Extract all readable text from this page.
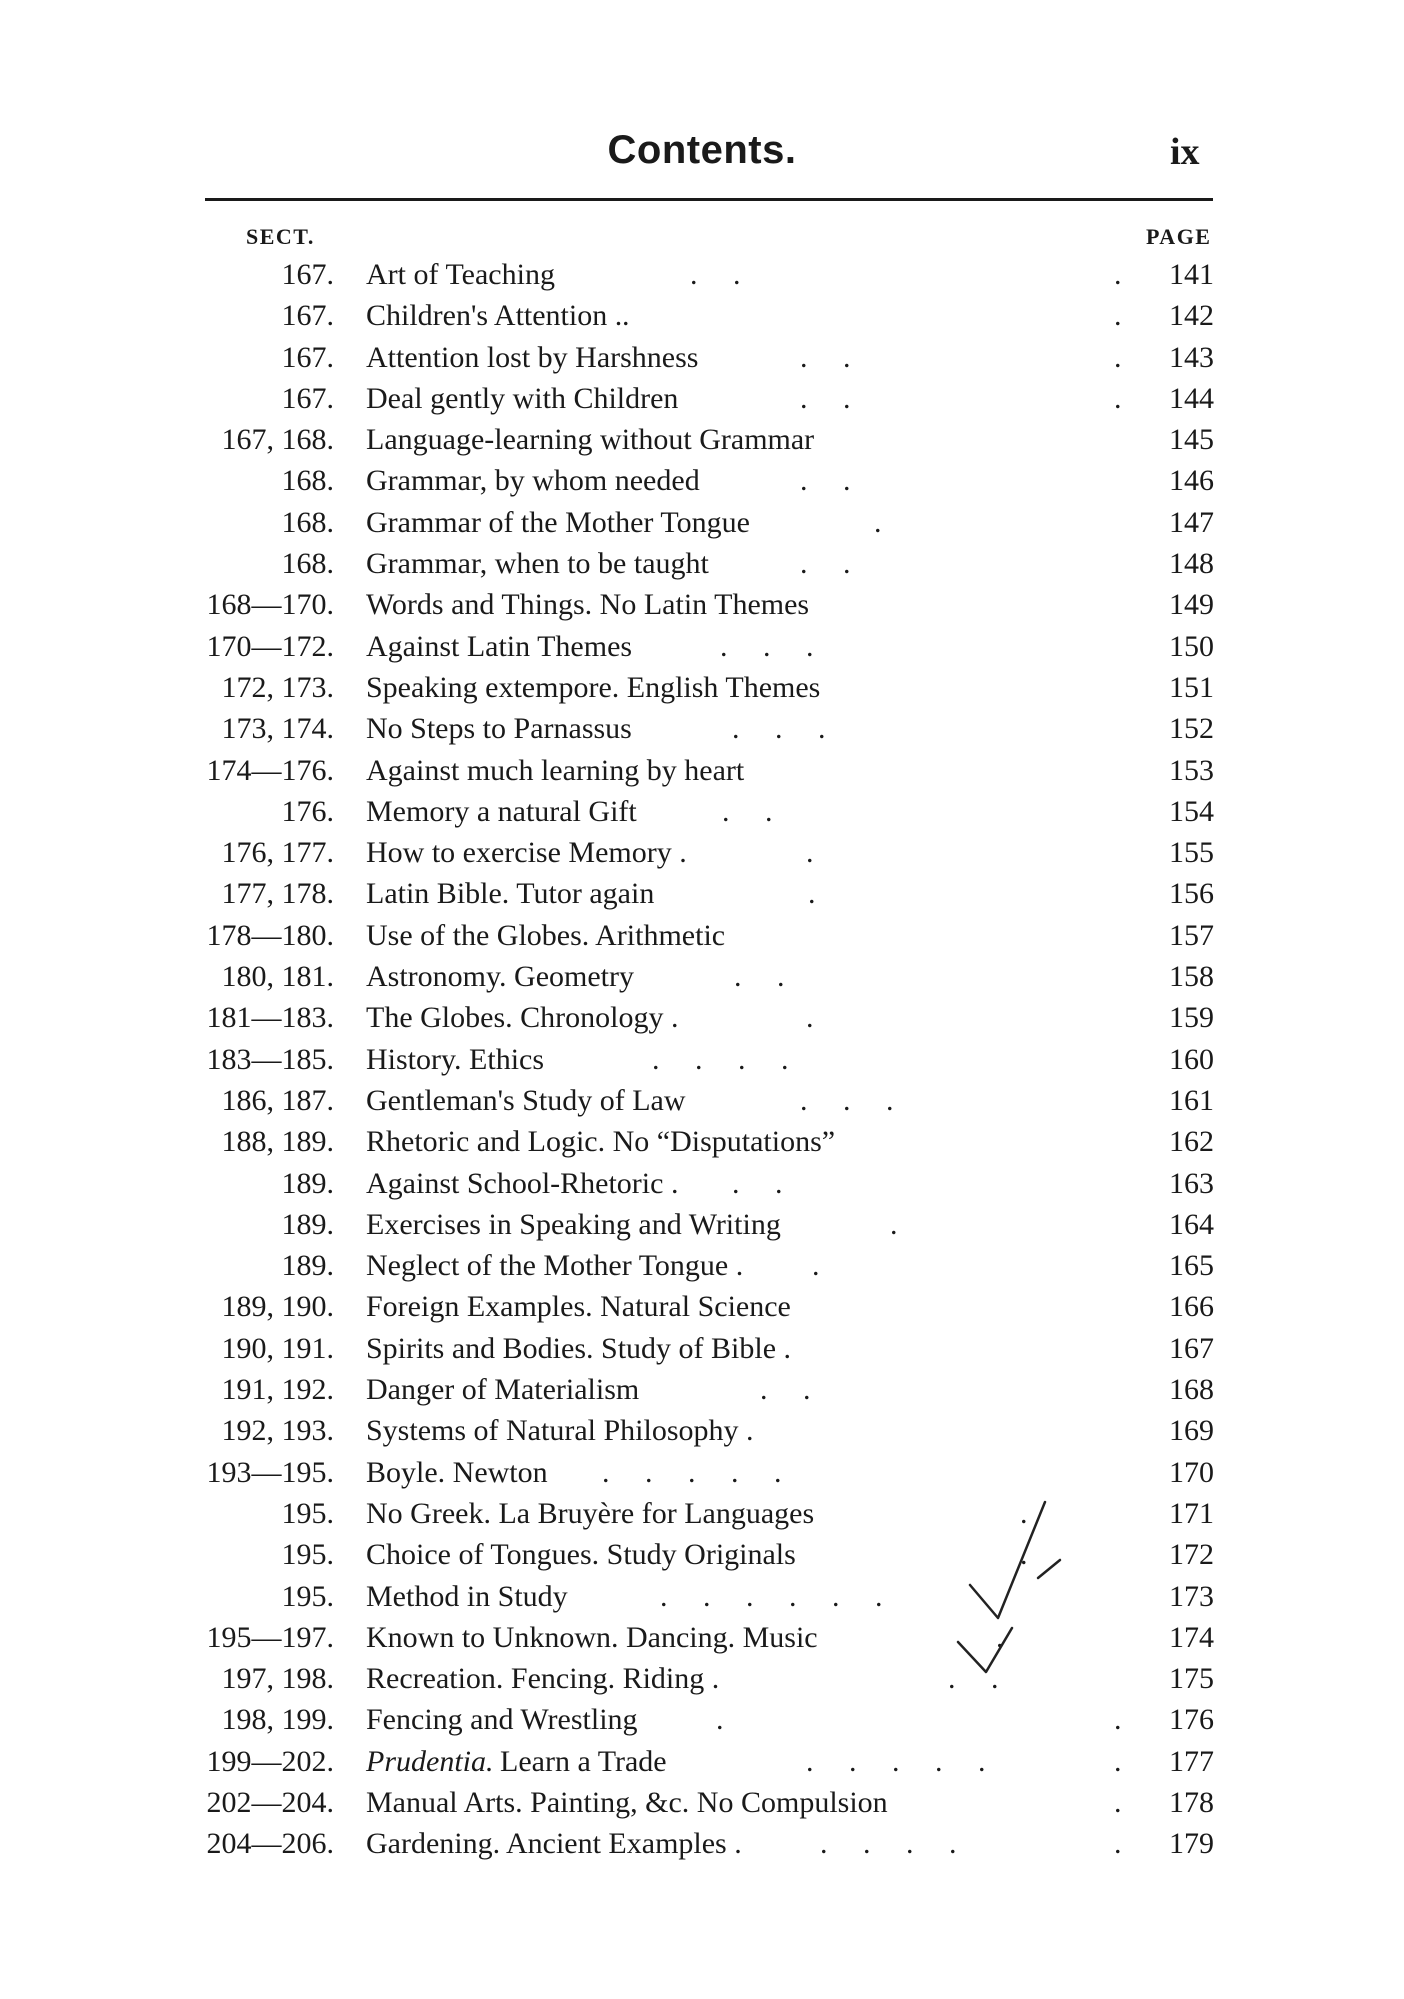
Contents.	ix
SECT.	PAGE
167. Art of Teaching	. .	. 141
167. Children's Attention . .	. 142
167. Attention lost by Harshness	. .	. 143
167. Deal gently with Children	. .	. 144
167, 168. Language-learning without Grammar	145
168. Grammar, by whom needed	. .	146
168. Grammar of the Mother Tongue	.	147
168. Grammar, when to be taught	. .	148
168—170. Words and Things. No Latin Themes	149
170—172. Against Latin Themes	. . .	150
172, 173. Speaking extempore. English Themes	151
173, 174. No Steps to Parnassus	. . .	152
174—176. Against much learning by heart	153
176. Memory a natural Gift	. .	154
176, 177. How to exercise Memory .	.	155
177, 178. Latin Bible. Tutor again	.	156
178—180. Use of the Globes. Arithmetic	157
180, 181. Astronomy. Geometry	. .	158
181—183. The Globes. Chronology .	.	159
183—185. History. Ethics	. . . .	160
186, 187. Gentleman's Study of Law	. . .	161
188, 189. Rhetoric and Logic. No “Disputations”	162
189. Against School-Rhetoric . . .	163
189. Exercises in Speaking and Writing	.	164
189. Neglect of the Mother Tongue . .	165
189, 190. Foreign Examples. Natural Science	166
190, 191. Spirits and Bodies. Study of Bible .	167
191, 192. Danger of Materialism	. .	168
192, 193. Systems of Natural Philosophy .	169
193—195. Boyle. Newton . . . . .	170
195. No Greek. La Bruyère for Languages	.	171
195. Choice of Tongues. Study Originals	.	172
195. Method in Study	. . . . . .	173
195—197. Known to Unknown. Dancing. Music	.	174
197, 198. Recreation. Fencing. Riding .	. .	175
198, 199. Fencing and Wrestling	.	. 176
199—202. Prudentia. Learn a Trade	. . . . .	. 177
202—204. Manual Arts. Painting, &c. No Compulsion	. 178
204—206. Gardening. Ancient Examples .	. . . .	. 179
